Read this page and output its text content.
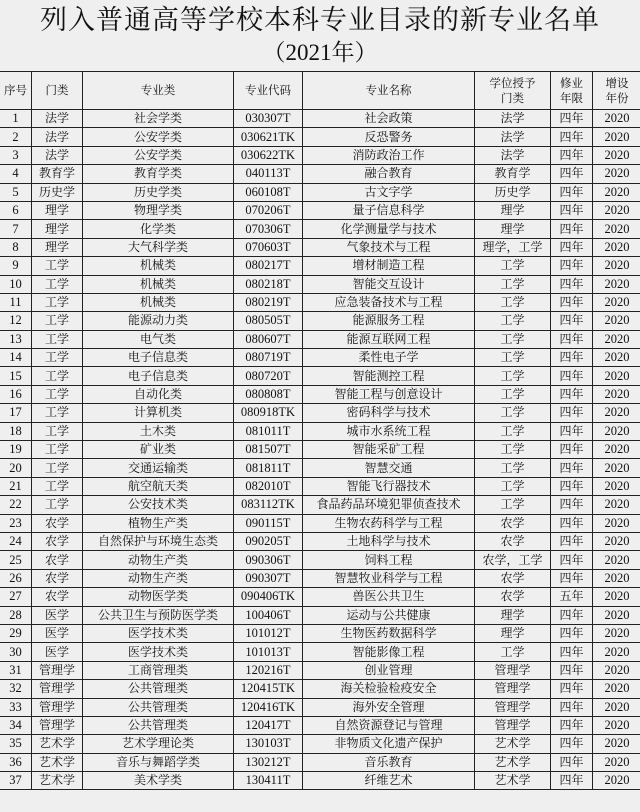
列入普通高等学校本科专业目录的新专业名单
（2021年）
序号	门类	专业类	专业代码	专业名称	学位授予门类	修业年限	增设年份
1	法学	社会学类	030307T	社会政策	法学	四年	2020
2	法学	公安学类	030621TK	反恐警务	法学	四年	2020
3	法学	公安学类	030622TK	消防政治工作	法学	四年	2020
4	教育学	教育学类	040113T	融合教育	教育学	四年	2020
5	历史学	历史学类	060108T	古文字学	历史学	四年	2020
6	理学	物理学类	070206T	量子信息科学	理学	四年	2020
7	理学	化学类	070306T	化学测量学与技术	理学	四年	2020
8	理学	大气科学类	070603T	气象技术与工程	理学，工学	四年	2020
9	工学	机械类	080217T	增材制造工程	工学	四年	2020
10	工学	机械类	080218T	智能交互设计	工学	四年	2020
11	工学	机械类	080219T	应急装备技术与工程	工学	四年	2020
12	工学	能源动力类	080505T	能源服务工程	工学	四年	2020
13	工学	电气类	080607T	能源互联网工程	工学	四年	2020
14	工学	电子信息类	080719T	柔性电子学	工学	四年	2020
15	工学	电子信息类	080720T	智能测控工程	工学	四年	2020
16	工学	自动化类	080808T	智能工程与创意设计	工学	四年	2020
17	工学	计算机类	080918TK	密码科学与技术	工学	四年	2020
18	工学	土木类	081011T	城市水系统工程	工学	四年	2020
19	工学	矿业类	081507T	智能采矿工程	工学	四年	2020
20	工学	交通运输类	081811T	智慧交通	工学	四年	2020
21	工学	航空航天类	082010T	智能飞行器技术	工学	四年	2020
22	工学	公安技术类	083112TK	食品药品环境犯罪侦查技术	工学	四年	2020
23	农学	植物生产类	090115T	生物农药科学与工程	农学	四年	2020
24	农学	自然保护与环境生态类	090205T	土地科学与技术	农学	四年	2020
25	农学	动物生产类	090306T	饲料工程	农学，工学	四年	2020
26	农学	动物生产类	090307T	智慧牧业科学与工程	农学	四年	2020
27	农学	动物医学类	090406TK	兽医公共卫生	农学	五年	2020
28	医学	公共卫生与预防医学类	100406T	运动与公共健康	理学	四年	2020
29	医学	医学技术类	101012T	生物医药数据科学	理学	四年	2020
30	医学	医学技术类	101013T	智能影像工程	工学	四年	2020
31	管理学	工商管理类	120216T	创业管理	管理学	四年	2020
32	管理学	公共管理类	120415TK	海关检验检疫安全	管理学	四年	2020
33	管理学	公共管理类	120416TK	海外安全管理	管理学	四年	2020
34	管理学	公共管理类	120417T	自然资源登记与管理	管理学	四年	2020
35	艺术学	艺术学理论类	130103T	非物质文化遗产保护	艺术学	四年	2020
36	艺术学	音乐与舞蹈学类	130212T	音乐教育	艺术学	四年	2020
37	艺术学	美术学类	130411T	纤维艺术	艺术学	四年	2020
